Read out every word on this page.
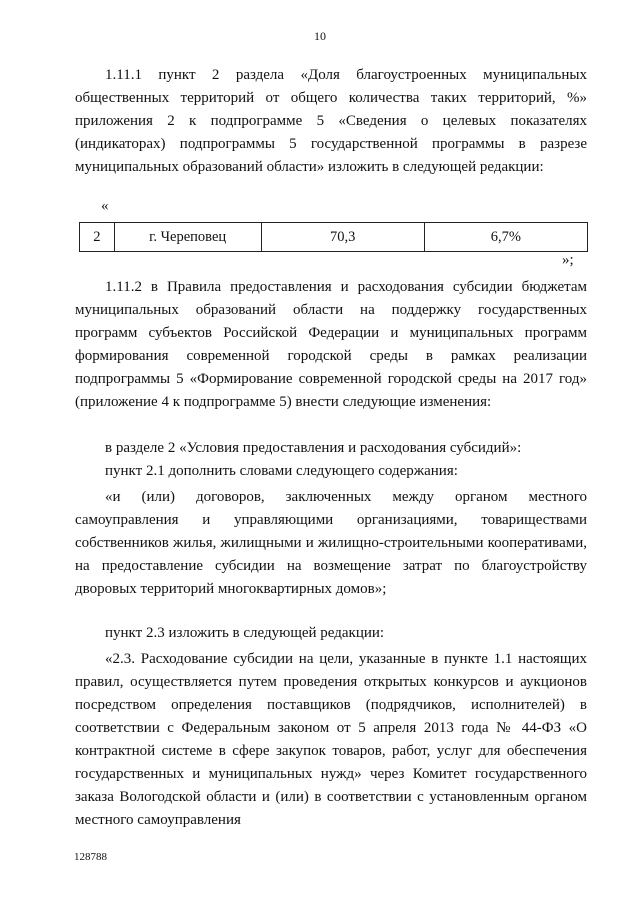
10

1.11.1 пункт 2 раздела «Доля благоустроенных муниципальных общественных территорий от общего количества таких территорий, %» приложения 2 к подпрограмме 5 «Сведения о целевых показателях (индикаторах) подпрограммы 5 государственной программы в разрезе муниципальных образований области» изложить в следующей редакции:

«
2	г. Череповец	70,3	6,7%
»;

1.11.2 в Правила предоставления и расходования субсидии бюджетам муниципальных образований области на поддержку государственных программ субъектов Российской Федерации и муниципальных программ формирования современной городской среды в рамках реализации подпрограммы 5 «Формирование современной городской среды на 2017 год» (приложение 4 к подпрограмме 5) внести следующие изменения:

в разделе 2 «Условия предоставления и расходования субсидий»:

пункт 2.1 дополнить словами следующего содержания:

«и (или) договоров, заключенных между органом местного самоуправления и управляющими организациями, товариществами собственников жилья, жилищными и жилищно-строительными кооперативами, на предоставление субсидии на возмещение затрат по благоустройству дворовых территорий многоквартирных домов»;

пункт 2.3 изложить в следующей редакции:

«2.3. Расходование субсидии на цели, указанные в пункте 1.1 настоящих правил, осуществляется путем проведения открытых конкурсов и аукционов посредством определения поставщиков (подрядчиков, исполнителей) в соответствии с Федеральным законом от 5 апреля 2013 года № 44-ФЗ «О контрактной системе в сфере закупок товаров, работ, услуг для обеспечения государственных и муниципальных нужд» через Комитет государственного заказа Вологодской области и (или) в соответствии с установленным органом местного самоуправления

128788
